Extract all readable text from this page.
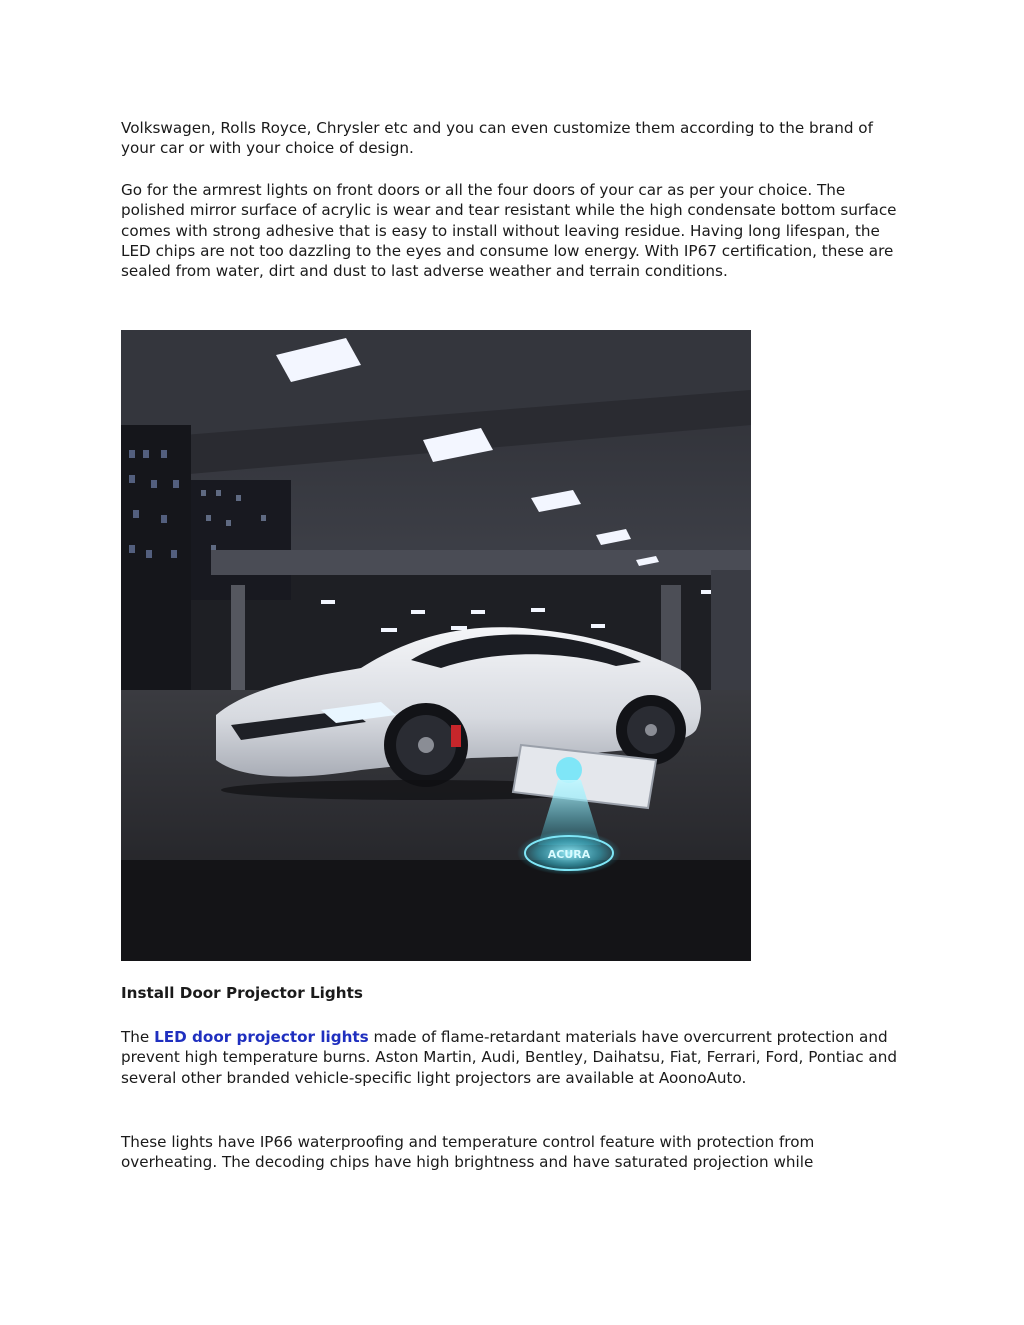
Volkswagen, Rolls Royce, Chrysler etc and you can even customize them according to the brand of your car or with your choice of design.

Go for the armrest lights on front doors or all the four doors of your car as per your choice. The polished mirror surface of acrylic is wear and tear resistant while the high condensate bottom surface comes with strong adhesive that is easy to install without leaving residue. Having long lifespan, the LED chips are not too dazzling to the eyes and consume low energy. With IP67 certification, these are sealed from water, dirt and dust to last adverse weather and terrain conditions.

ACURA
Install Door Projector Lights

The LED door projector lights made of flame-retardant materials have overcurrent protection and prevent high temperature burns. Aston Martin, Audi, Bentley, Daihatsu, Fiat, Ferrari, Ford, Pontiac and several other branded vehicle-specific light projectors are available at AoonoAuto.

These lights have IP66 waterproofing and temperature control feature with protection from overheating. The decoding chips have high brightness and have saturated projection while
